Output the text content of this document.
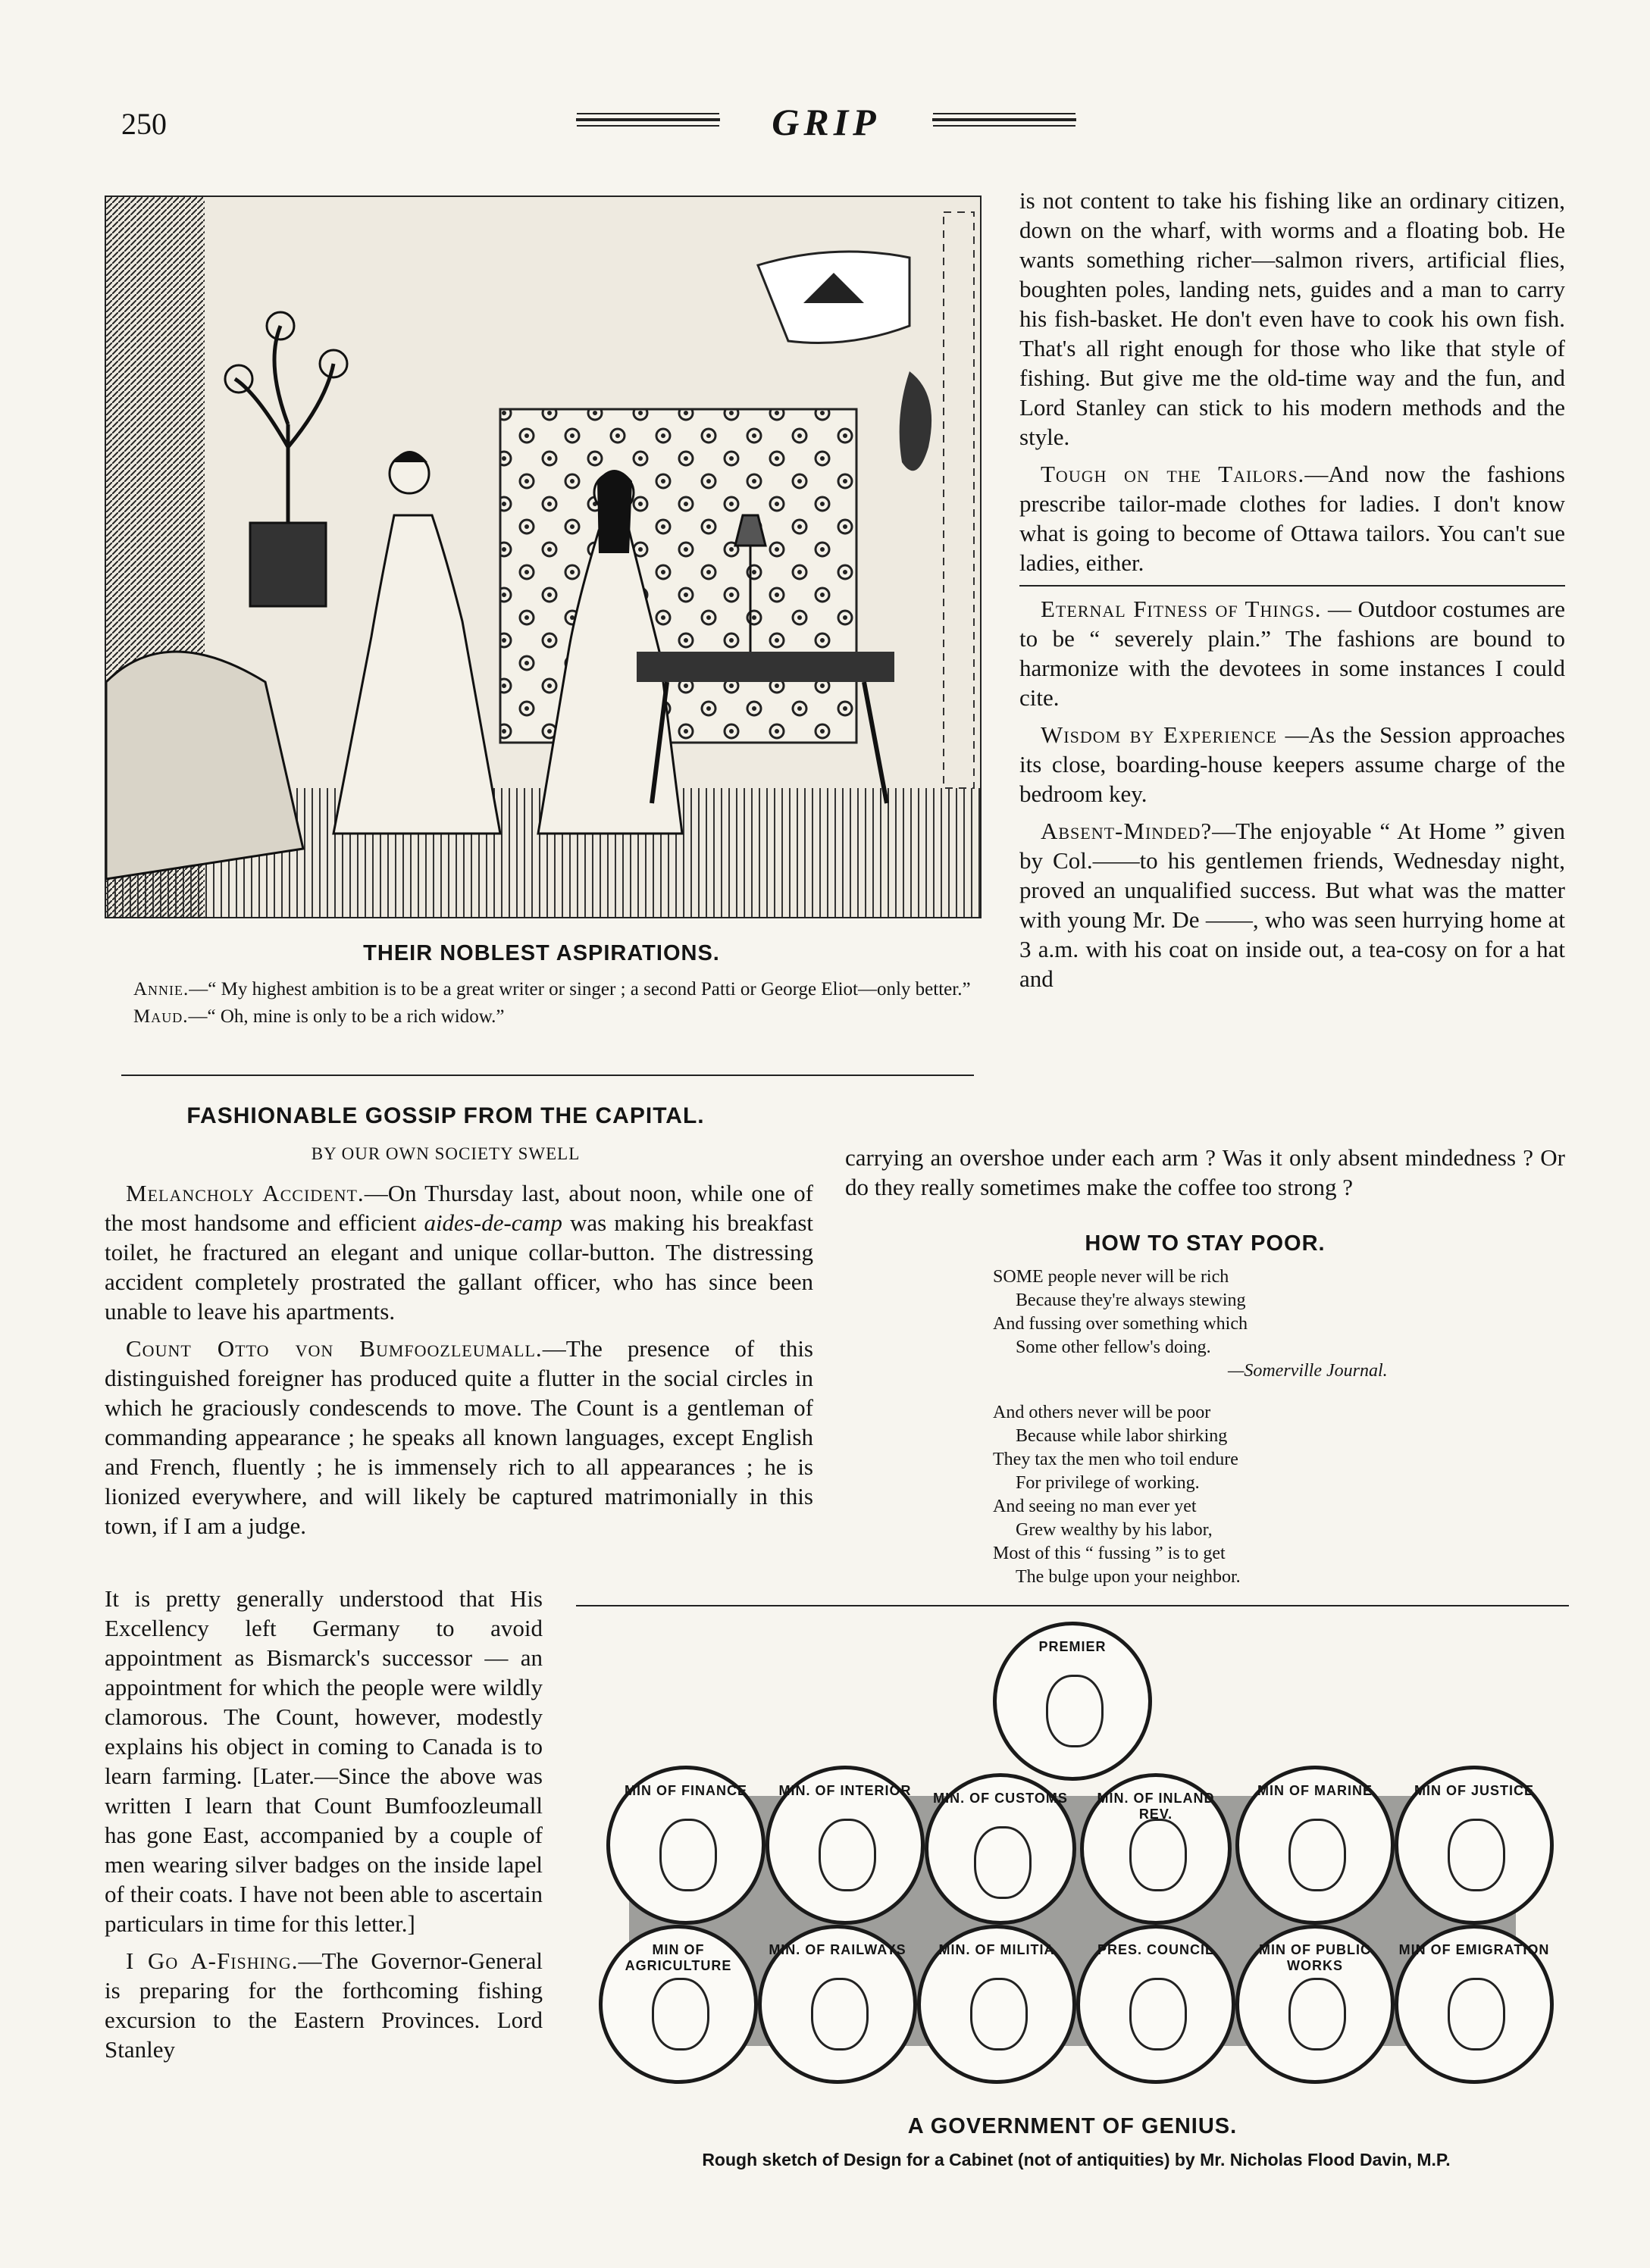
250	GRIP
THEIR NOBLEST ASPIRATIONS.
Annie.—“ My highest ambition is to be a great writer or singer ; a second Patti or George Eliot—only better.”
Maud.—“ Oh, mine is only to be a rich widow.”
FASHIONABLE GOSSIP FROM THE CAPITAL.
BY OUR OWN SOCIETY SWELL

Melancholy Accident.—On Thursday last, about noon, while one of the most handsome and efficient aides-de-camp was making his breakfast toilet, he fractured an elegant and unique collar-button. The distressing accident completely prostrated the gallant officer, who has since been unable to leave his apartments.

Count Otto von Bumfoozleumall.—The presence of this distinguished foreigner has produced quite a flutter in the social circles in which he graciously condescends to move. The Count is a gentleman of commanding appearance ; he speaks all known languages, except English and French, fluently ; he is immensely rich to all appearances ; he is lionized everywhere, and will likely be captured matrimonially in this town, if I am a judge.

It is pretty generally understood that His Excellency left Germany to avoid appointment as Bismarck's successor — an appointment for which the people were wildly clamorous. The Count, however, modestly explains his object in coming to Canada is to learn farming. [Later.—Since the above was written I learn that Count Bumfoozleumall has gone East, accompanied by a couple of men wearing silver badges on the inside lapel of their coats. I have not been able to ascertain particulars in time for this letter.]

I Go A-Fishing.—The Governor-General is preparing for the forthcoming fishing excursion to the Eastern Provinces. Lord Stanley

is not content to take his fishing like an ordinary citizen, down on the wharf, with worms and a floating bob. He wants something richer—salmon rivers, artificial flies, boughten poles, landing nets, guides and a man to carry his fish-basket. He don't even have to cook his own fish. That's all right enough for those who like that style of fishing. But give me the old-time way and the fun, and Lord Stanley can stick to his modern methods and the style.

Tough on the Tailors.—And now the fashions prescribe tailor-made clothes for ladies. I don't know what is going to become of Ottawa tailors. You can't sue ladies, either.

Eternal Fitness of Things. — Outdoor costumes are to be “ severely plain.” The fashions are bound to harmonize with the devotees in some instances I could cite.

Wisdom by Experience —As the Session approaches its close, boarding-house keepers assume charge of the bedroom key.

Absent-Minded?—The enjoyable “ At Home ” given by Col.——to his gentlemen friends, Wednesday night, proved an unqualified success. But what was the matter with young Mr. De ——, who was seen hurrying home at 3 a.m. with his coat on inside out, a tea-cosy on for a hat and

carrying an overshoe under each arm ? Was it only absent mindedness ? Or do they really sometimes make the coffee too strong ?
HOW TO STAY POOR.

SOME people never will be rich

Because they're always stewing

And fussing over something which

Some other fellow's doing.

—Somerville Journal.

And others never will be poor

Because while labor shirking

They tax the men who toil endure

For privilege of working.

And seeing no man ever yet

Grew wealthy by his labor,

Most of this “ fussing ” is to get

The bulge upon your neighbor.

PREMIER
MIN OF FINANCE	MIN. OF INTERIOR	MIN. OF CUSTOMS	MIN. OF INLAND REV.
MIN OF MARINE	MIN OF JUSTICE
MIN OF AGRICULTURE
MIN. OF RAILWAYS	MIN. OF MILITIA	PRES. COUNCIL	MIN OF PUBLIC WORKS
MIN OF EMIGRATION
A GOVERNMENT OF GENIUS.
Rough sketch of Design for a Cabinet (not of antiquities) by Mr. Nicholas Flood Davin, M.P.
